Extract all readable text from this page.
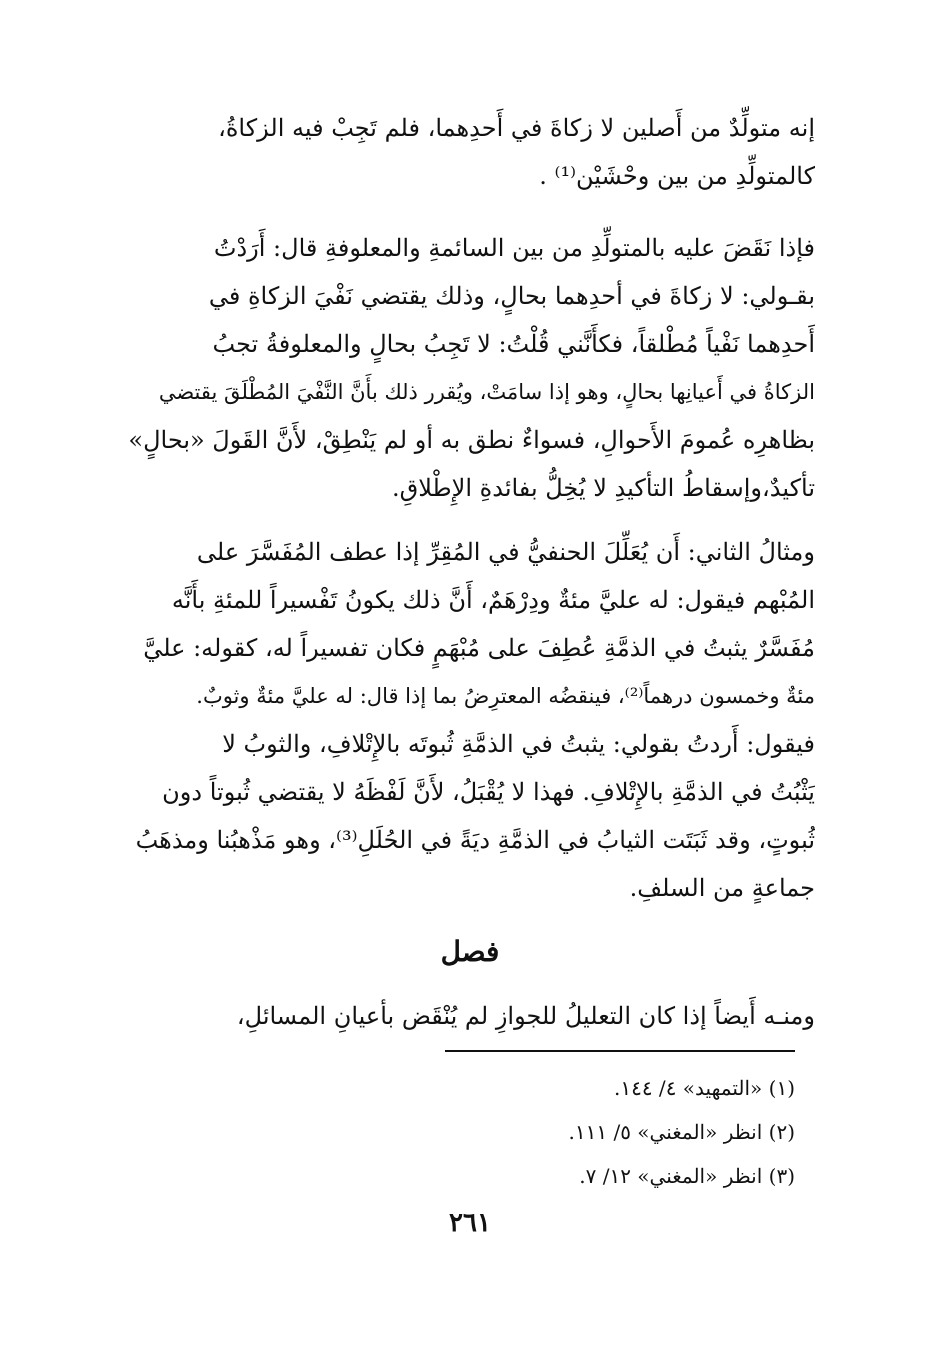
إنه متولِّدٌ من أَصلين لا زكاةَ في أَحدِهما، فلم تَجِبْ فيه الزكاةُ،
كالمتولِّدِ من بين وحْشَيْن⁽¹⁾ .
فإذا نَقَضَ عليه بالمتولِّدِ من بين السائمةِ والمعلوفةِ قال: أَرَدْتُ
بقـولي: لا زكاةَ في أحدِهما بحالٍ، وذلك يقتضي نَفْيَ الزكاةِ في
أَحدِهما نَفْياً مُطْلقاً، فكأَنَّني قُلْتُ: لا تَجِبُ بحالٍ والمعلوفةُ تجبُ
الزكاةُ في أَعيانِها بحالٍ، وهو إذا سامَتْ، ويُقرر ذلك بأَنَّ النَّفْيَ المُطْلَقَ يقتضي
بظاهرِه عُمومَ الأَحوالِ، فسواءٌ نطق به أو لم يَنْطِقْ، لأَنَّ القَولَ «بحالٍ»
تأكيدٌ،وإسقاطُ التأكيدِ لا يُخِلُّ بفائدةِ الإِطْلاقِ.
ومثالُ الثاني: أَن يُعَلِّلَ الحنفيُّ في المُقِرِّ إذا عطف المُفَسَّرَ على
المُبْهم فيقول: له عليَّ مئةٌ ودِرْهَمٌ، أَنَّ ذلك يكونُ تَفْسيراً للمئةِ بأَنَّه
مُفَسَّرٌ يثبتُ في الذمَّةِ عُطِفَ على مُبْهَمٍ فكان تفسيراً له، كقوله: عليَّ
مئةٌ وخمسون درهماً⁽²⁾، فينقضُه المعترِضُ بما إذا قال: له عليَّ مئةٌ وثوبٌ.
فيقول: أَردتُ بقولي: يثبتُ في الذمَّةِ ثُبوتَه بالإِتْلافِ، والثوبُ لا
يَثْبُتُ في الذمَّةِ بالإِتْلافِ. فهذا لا يُقْبَلُ، لأَنَّ لَفْظَهُ لا يقتضي ثُبوتاً دون
ثُبوتٍ، وقد ثَبَتَت الثيابُ في الذمَّةِ ديَةً في الحُلَلِ⁽³⁾، وهو مَذْهبُنا ومذهَبُ
جماعةٍ من السلفِ.
فصل
ومنـه أَيضاً إذا كان التعليلُ للجوازِ لم يُنْقَض بأعيانِ المسائلِ،
(١) «التمهيد» ٤/ ١٤٤.
(٢) انظر «المغني» ٥/ ١١١.
(٣) انظر «المغني» ١٢/ ٧.
٢٦١
